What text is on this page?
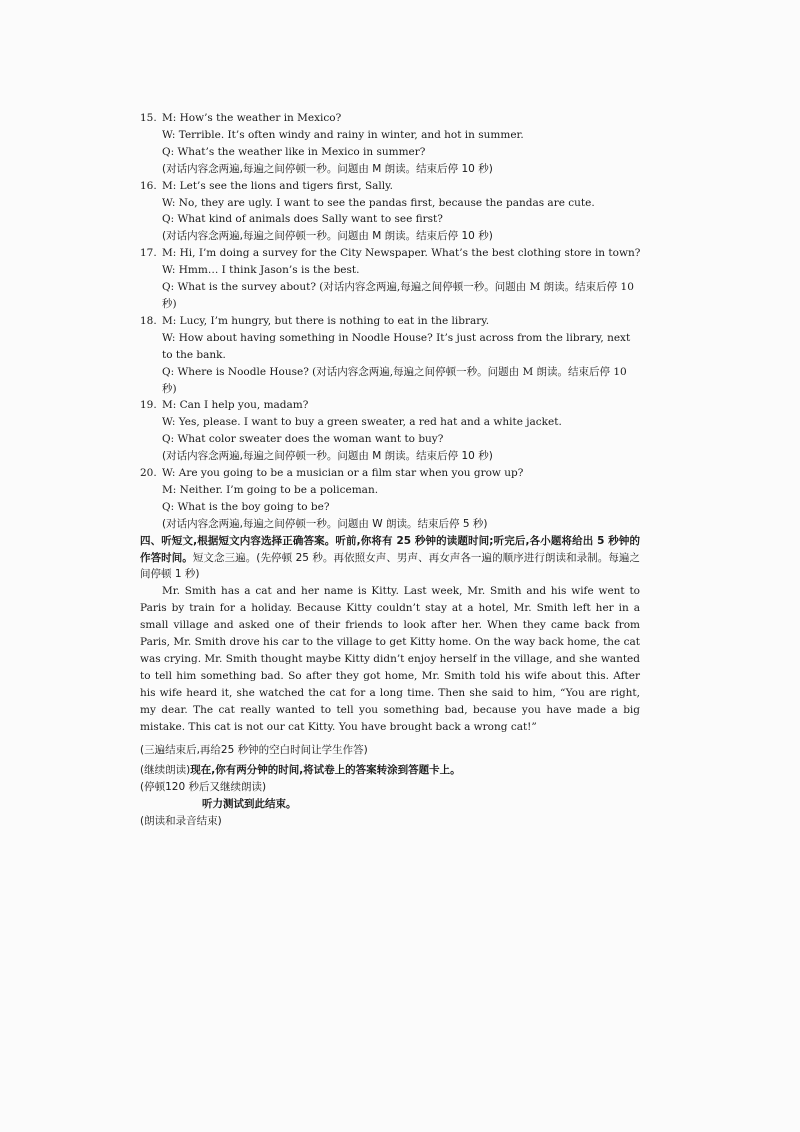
15. M: How’s the weather in Mexico?
W: Terrible. It’s often windy and rainy in winter, and hot in summer.
Q: What’s the weather like in Mexico in summer?
(对话内容念两遍,每遍之间停顿一秒。问题由 M 朗读。结束后停 10 秒)
16. M: Let’s see the lions and tigers first, Sally.
W: No, they are ugly. I want to see the pandas first, because the pandas are cute.
Q: What kind of animals does Sally want to see first?
(对话内容念两遍,每遍之间停顿一秒。问题由 M 朗读。结束后停 10 秒)
17. M: Hi, I’m doing a survey for the City Newspaper. What’s the best clothing store in town?
W: Hmm… I think Jason’s is the best.
Q: What is the survey about? (对话内容念两遍,每遍之间停顿一秒。问题由 M 朗读。结束后停 10 秒)
18. M: Lucy, I’m hungry, but there is nothing to eat in the library.
W: How about having something in Noodle House? It’s just across from the library, next to the bank.
Q: Where is Noodle House? (对话内容念两遍,每遍之间停顿一秒。问题由 M 朗读。结束后停 10 秒)
19. M: Can I help you, madam?
W: Yes, please. I want to buy a green sweater, a red hat and a white jacket.
Q: What color sweater does the woman want to buy?
(对话内容念两遍,每遍之间停顿一秒。问题由 M 朗读。结束后停 10 秒)
20. W: Are you going to be a musician or a film star when you grow up?
M: Neither. I’m going to be a policeman.
Q: What is the boy going to be?
(对话内容念两遍,每遍之间停顿一秒。问题由 W 朗读。结束后停 5 秒)
四、听短文,根据短文内容选择正确答案。听前,你将有 25 秒钟的读题时间;听完后,各小题将给出 5 秒钟的作答时间。短文念三遍。(先停顿 25 秒。再依照女声、男声、再女声各一遍的顺序进行朗读和录制。每遍之间停顿 1 秒)
Mr. Smith has a cat and her name is Kitty. Last week, Mr. Smith and his wife went to Paris by train for a holiday. Because Kitty couldn’t stay at a hotel, Mr. Smith left her in a small village and asked one of their friends to look after her. When they came back from Paris, Mr. Smith drove his car to the village to get Kitty home. On the way back home, the cat was crying. Mr. Smith thought maybe Kitty didn’t enjoy herself in the village, and she wanted to tell him something bad. So after they got home, Mr. Smith told his wife about this. After his wife heard it, she watched the cat for a long time. Then she said to him, “You are right, my dear. The cat really wanted to tell you something bad, because you have made a big mistake. This cat is not our cat Kitty. You have brought back a wrong cat!”
(三遍结束后,再给25 秒钟的空白时间让学生作答)
(继续朗读)现在,你有两分钟的时间,将试卷上的答案转涂到答题卡上。
(停顿120 秒后又继续朗读)
听力测试到此结束。
(朗读和录音结束)
